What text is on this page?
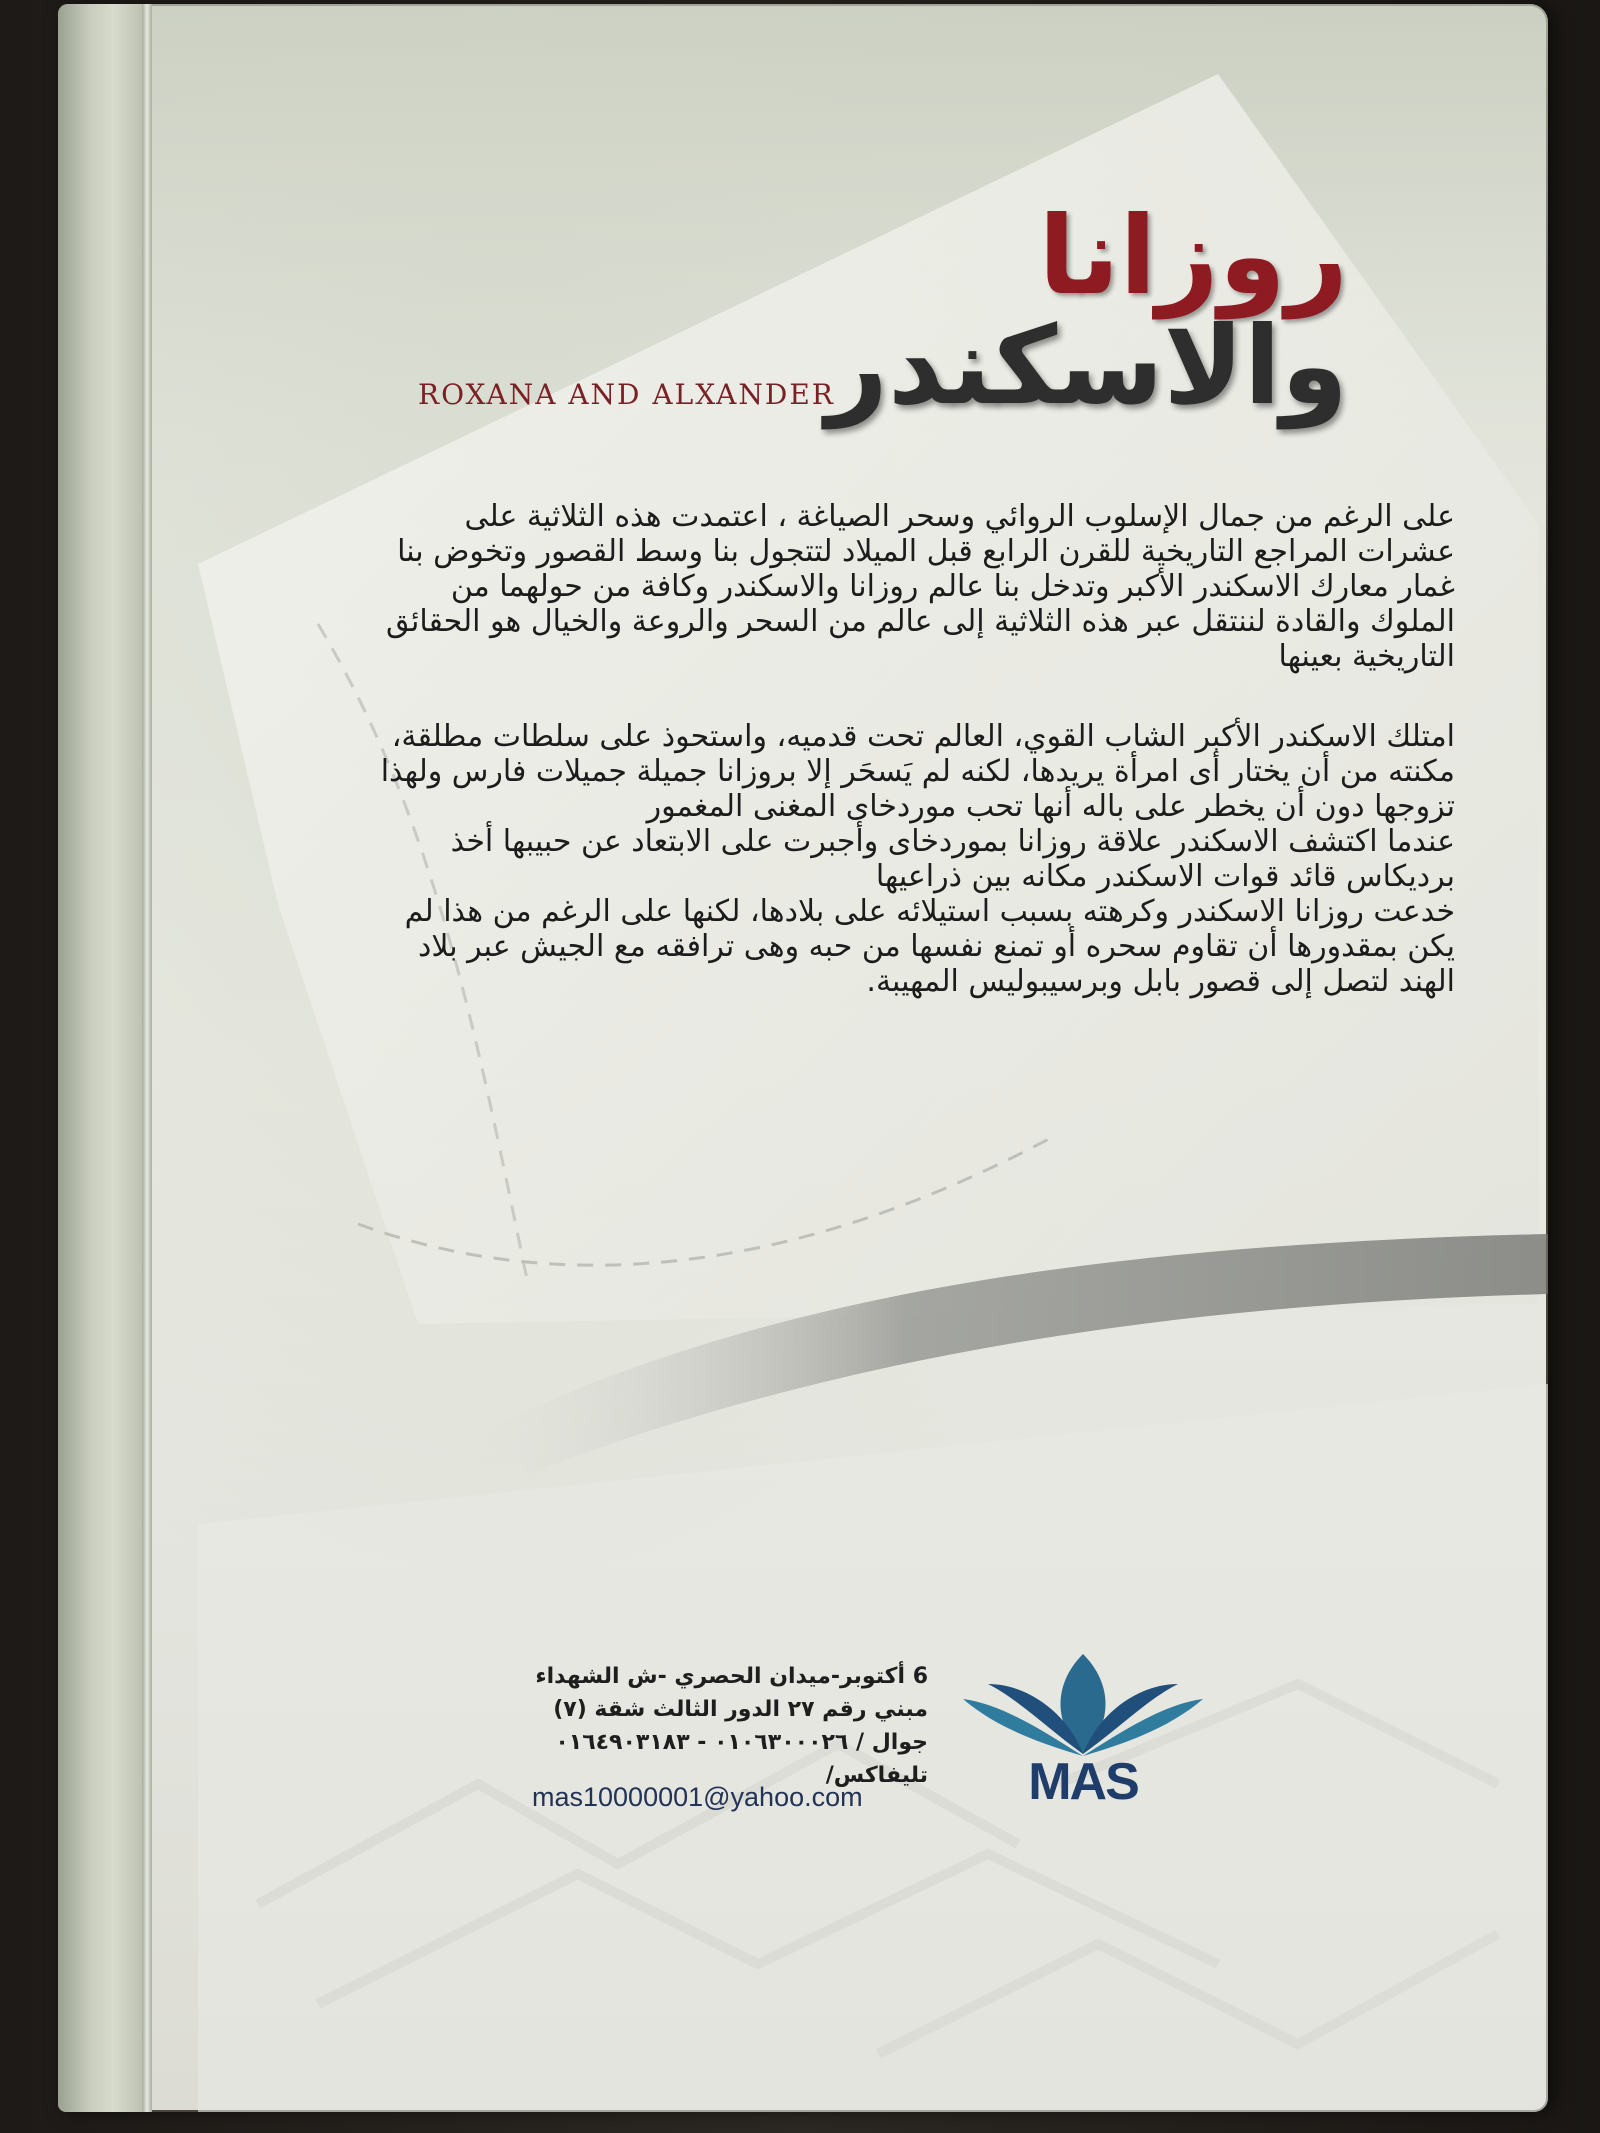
روزانا
والاسكندر
ROXANA AND ALXANDER

على الرغم من جمال الإسلوب الروائي وسحر الصياغة ، اعتمدت هذه الثلاثية على عشرات المراجع التاريخية للقرن الرابع قبل الميلاد لتتجول بنا وسط القصور وتخوض بنا غمار معارك الاسكندر الأكبر وتدخل بنا عالم روزانا والاسكندر وكافة من حولهما من الملوك والقادة لننتقل عبر هذه الثلاثية إلى عالم من السحر والروعة والخيال هو الحقائق التاريخية بعينها

امتلك الاسكندر الأكبر الشاب القوي، العالم تحت قدميه، واستحوذ على سلطات مطلقة، مكنته من أن يختار أى امرأة يريدها، لكنه لم يَسحَر إلا بروزانا جميلة جميلات فارس ولهذا تزوجها دون أن يخطر على باله أنها تحب موردخاى المغنى المغمور

عندما اكتشف الاسكندر علاقة روزانا بموردخاى وأجبرت على الابتعاد عن حبيبها أخذ برديكاس قائد قوات الاسكندر مكانه بين ذراعيها

خدعت روزانا الاسكندر وكرهته بسبب استيلائه على بلادها، لكنها على الرغم من هذا لم يكن بمقدورها أن تقاوم سحره أو تمنع نفسها من حبه وهى ترافقه مع الجيش عبر بلاد الهند لتصل إلى قصور بابل وبرسيبوليس المهيبة.

6 أكتوبر-ميدان الحصري -ش الشهداء
مبني رقم ٢٧ الدور الثالث شقة (٧)
جوال / ٠١٠٦٣٠٠٠٢٦ - ٠١٦٤٩٠٣١٨٣
تليفاكس/
mas10000001@yahoo.com	MAS
